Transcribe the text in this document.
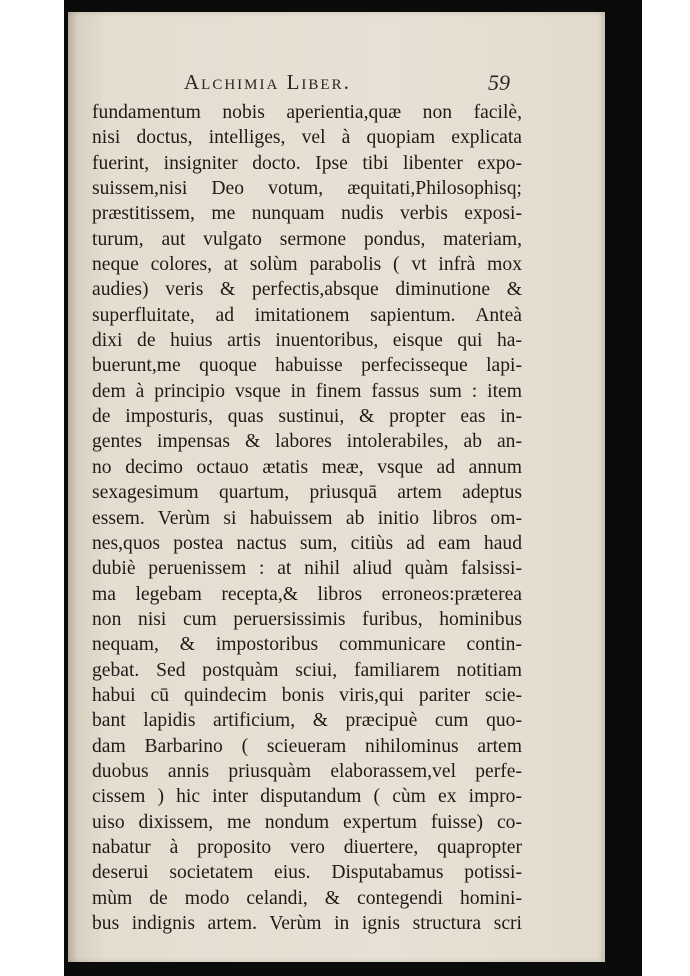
Alchimia Liber.	59
fundamentum nobis aperientia,quæ non facilè,
nisi doctus, intelliges, vel à quopiam explicata
fuerint, insigniter docto. Ipse tibi libenter expo-
suissem,nisi Deo votum, æquitati,Philosophisq;
præstitissem, me nunquam nudis verbis exposi-
turum, aut vulgato sermone pondus, materiam,
neque colores, at solùm parabolis ( vt infrà mox
audies) veris & perfectis,absque diminutione &
superfluitate, ad imitationem sapientum. Anteà
dixi de huius artis inuentoribus, eisque qui ha-
buerunt,me quoque habuisse perfecisseque lapi-
dem à principio vsque in finem fassus sum : item
de imposturis, quas sustinui, & propter eas in-
gentes impensas & labores intolerabiles, ab an-
no decimo octauo ætatis meæ, vsque ad annum
sexagesimum quartum, priusquā artem adeptus
essem. Verùm si habuissem ab initio libros om-
nes,quos postea nactus sum, citiùs ad eam haud
dubiè peruenissem : at nihil aliud quàm falsissi-
ma legebam recepta,& libros erroneos:præterea
non nisi cum peruersissimis furibus, hominibus
nequam, & impostoribus communicare contin-
gebat. Sed postquàm sciui, familiarem notitiam
habui cū quindecim bonis viris,qui pariter scie-
bant lapidis artificium, & præcipuè cum quo-
dam Barbarino ( scieueram nihilominus artem
duobus annis priusquàm elaborassem,vel perfe-
cissem ) hic inter disputandum ( cùm ex impro-
uiso dixissem, me nondum expertum fuisse) co-
nabatur à proposito vero diuertere, quapropter
deserui societatem eius. Disputabamus potissi-
mùm de modo celandi, & contegendi homini-
bus indignis artem. Verùm in ignis structura scri
